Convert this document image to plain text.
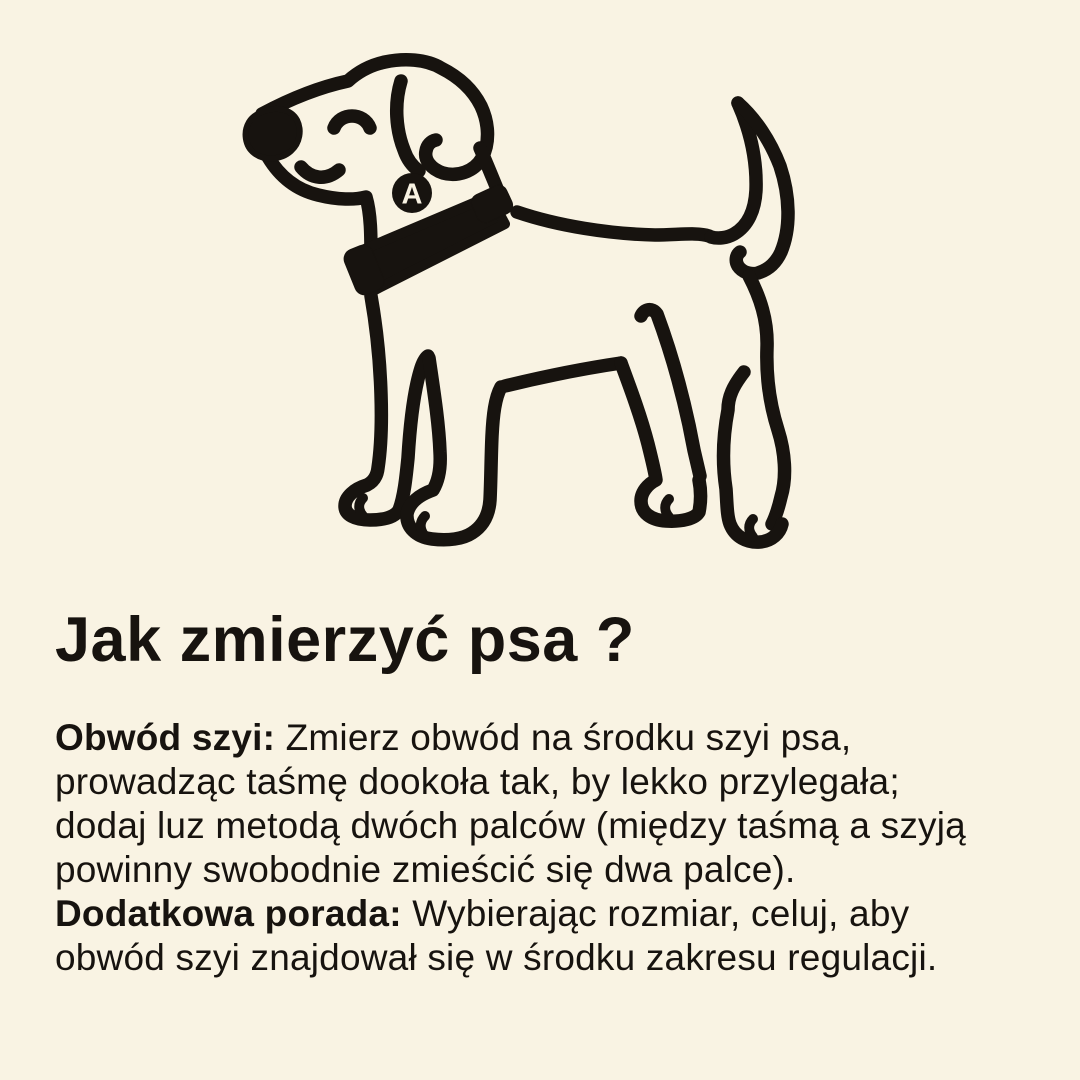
A
Jak zmierzyć psa ?
Obwód szyi: Zmierz obwód na środku szyi psa,
prowadząc taśmę dookoła tak, by lekko przylegała;
dodaj luz metodą dwóch palców (między taśmą a szyją
powinny swobodnie zmieścić się dwa palce).
Dodatkowa porada: Wybierając rozmiar, celuj, aby
obwód szyi znajdował się w środku zakresu regulacji.
